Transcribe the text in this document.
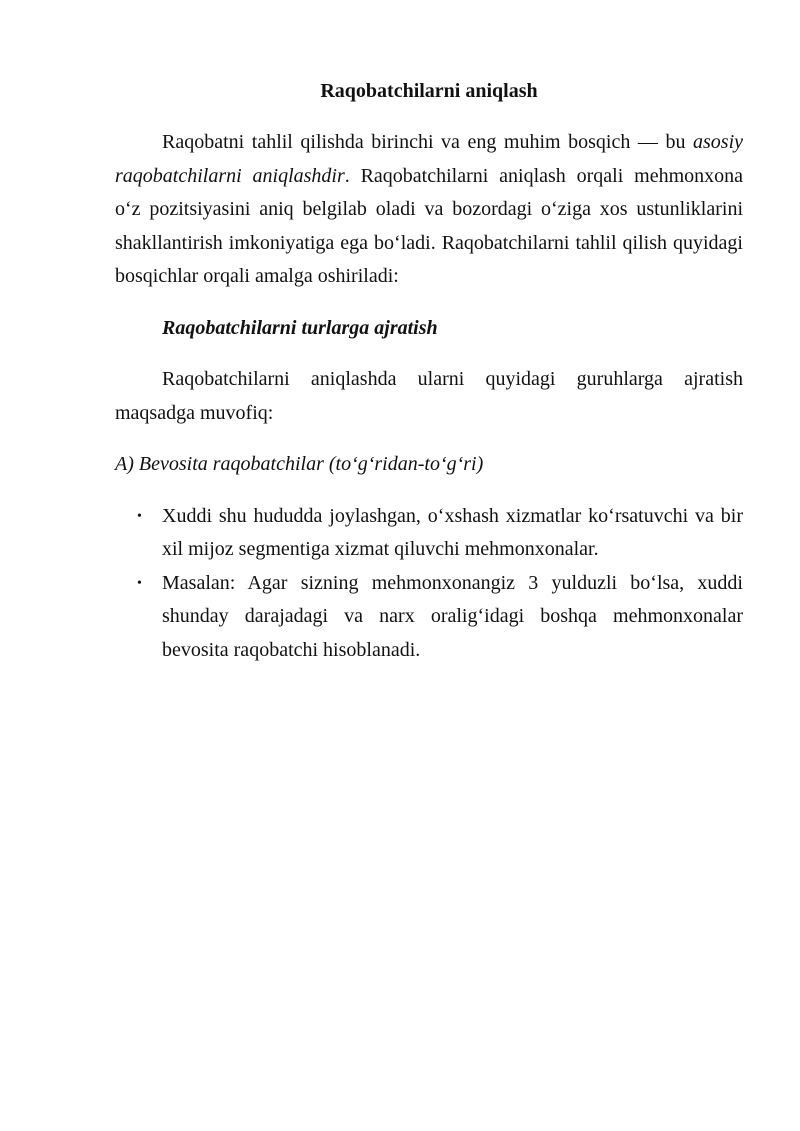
Raqobatchilarni aniqlash

Raqobatni tahlil qilishda birinchi va eng muhim bosqich — bu asosiy raqobatchilarni aniqlashdir. Raqobatchilarni aniqlash orqali mehmonxona o‘z pozitsiyasini aniq belgilab oladi va bozordagi o‘ziga xos ustunliklarini shakllantirish imkoniyatiga ega bo‘ladi. Raqobatchilarni tahlil qilish quyidagi bosqichlar orqali amalga oshiriladi:

Raqobatchilarni turlarga ajratish

Raqobatchilarni aniqlashda ularni quyidagi guruhlarga ajratish maqsadga muvofiq:

A) Bevosita raqobatchilar (to‘g‘ridan-to‘g‘ri)
• Xuddi shu hududda joylashgan, o‘xshash xizmatlar ko‘rsatuvchi va bir xil mijoz segmentiga xizmat qiluvchi mehmonxonalar.
• Masalan: Agar sizning mehmonxonangiz 3 yulduzli bo‘lsa, xuddi shunday darajadagi va narx oralig‘idagi boshqa mehmonxonalar bevosita raqobatchi hisoblanadi.
